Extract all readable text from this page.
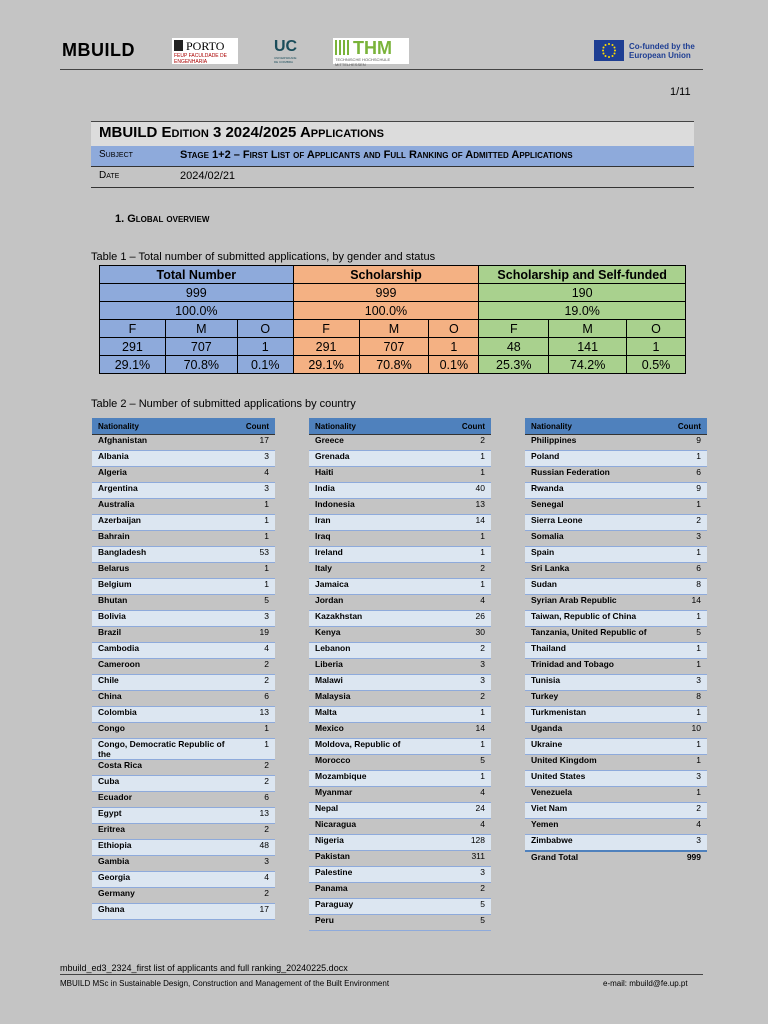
MBUILD	PORTO
FEUP FACULDADE DE ENGENHARIA
UC
UNIVERSIDADE DE COIMBRA
THM
TECHNISCHE HOCHSCHULE MITTELHESSEN
Co-funded by the
European Union
1/11
MBUILD Edition 3 2024/2025 Applications
Subject	Stage 1+2 – First List of Applicants and Full Ranking of Admitted Applications
Date	2024/02/21
1. Global overview
Table 1 – Total number of submitted applications, by gender and status
Total Number			Scholarship			Scholarship and Self-funded		
999			999			190		
100.0%			100.0%			19.0%		
F	M	O	F	M	O	F	M	O
291	707	1	291	707	1	48	141	1
29.1%	70.8%	0.1%	29.1%	70.8%	0.1%	25.3%	74.2%	0.5%
Table 2 – Number of submitted applications by country
Nationality	Count
Afghanistan	17
Albania	3
Algeria	4
Argentina	3
Australia	1
Azerbaijan	1
Bahrain	1
Bangladesh	53
Belarus	1
Belgium	1
Bhutan	5
Bolivia	3
Brazil	19
Cambodia	4
Cameroon	2
Chile	2
China	6
Colombia	13
Congo	1
Congo, Democratic Republic of the	1
Costa Rica	2
Cuba	2
Ecuador	6
Egypt	13
Eritrea	2
Ethiopia	48
Gambia	3
Georgia	4
Germany	2
Ghana	17
Nationality	Count
Greece	2
Grenada	1
Haiti	1
India	40
Indonesia	13
Iran	14
Iraq	1
Ireland	1
Italy	2
Jamaica	1
Jordan	4
Kazakhstan	26
Kenya	30
Lebanon	2
Liberia	3
Malawi	3
Malaysia	2
Malta	1
Mexico	14
Moldova, Republic of	1
Morocco	5
Mozambique	1
Myanmar	4
Nepal	24
Nicaragua	4
Nigeria	128
Pakistan	311
Palestine	3
Panama	2
Paraguay	5
Peru	5
Nationality	Count
Philippines	9
Poland	1
Russian Federation	6
Rwanda	9
Senegal	1
Sierra Leone	2
Somalia	3
Spain	1
Sri Lanka	6
Sudan	8
Syrian Arab Republic	14
Taiwan, Republic of China	1
Tanzania, United Republic of	5
Thailand	1
Trinidad and Tobago	1
Tunisia	3
Turkey	8
Turkmenistan	1
Uganda	10
Ukraine	1
United Kingdom	1
United States	3
Venezuela	1
Viet Nam	2
Yemen	4
Zimbabwe	3
Grand Total	999
mbuild_ed3_2324_first list of applicants and full ranking_20240225.docx
MBUILD MSc in Sustainable Design, Construction and Management of the Built Environment	e-mail: mbuild@fe.up.pt
